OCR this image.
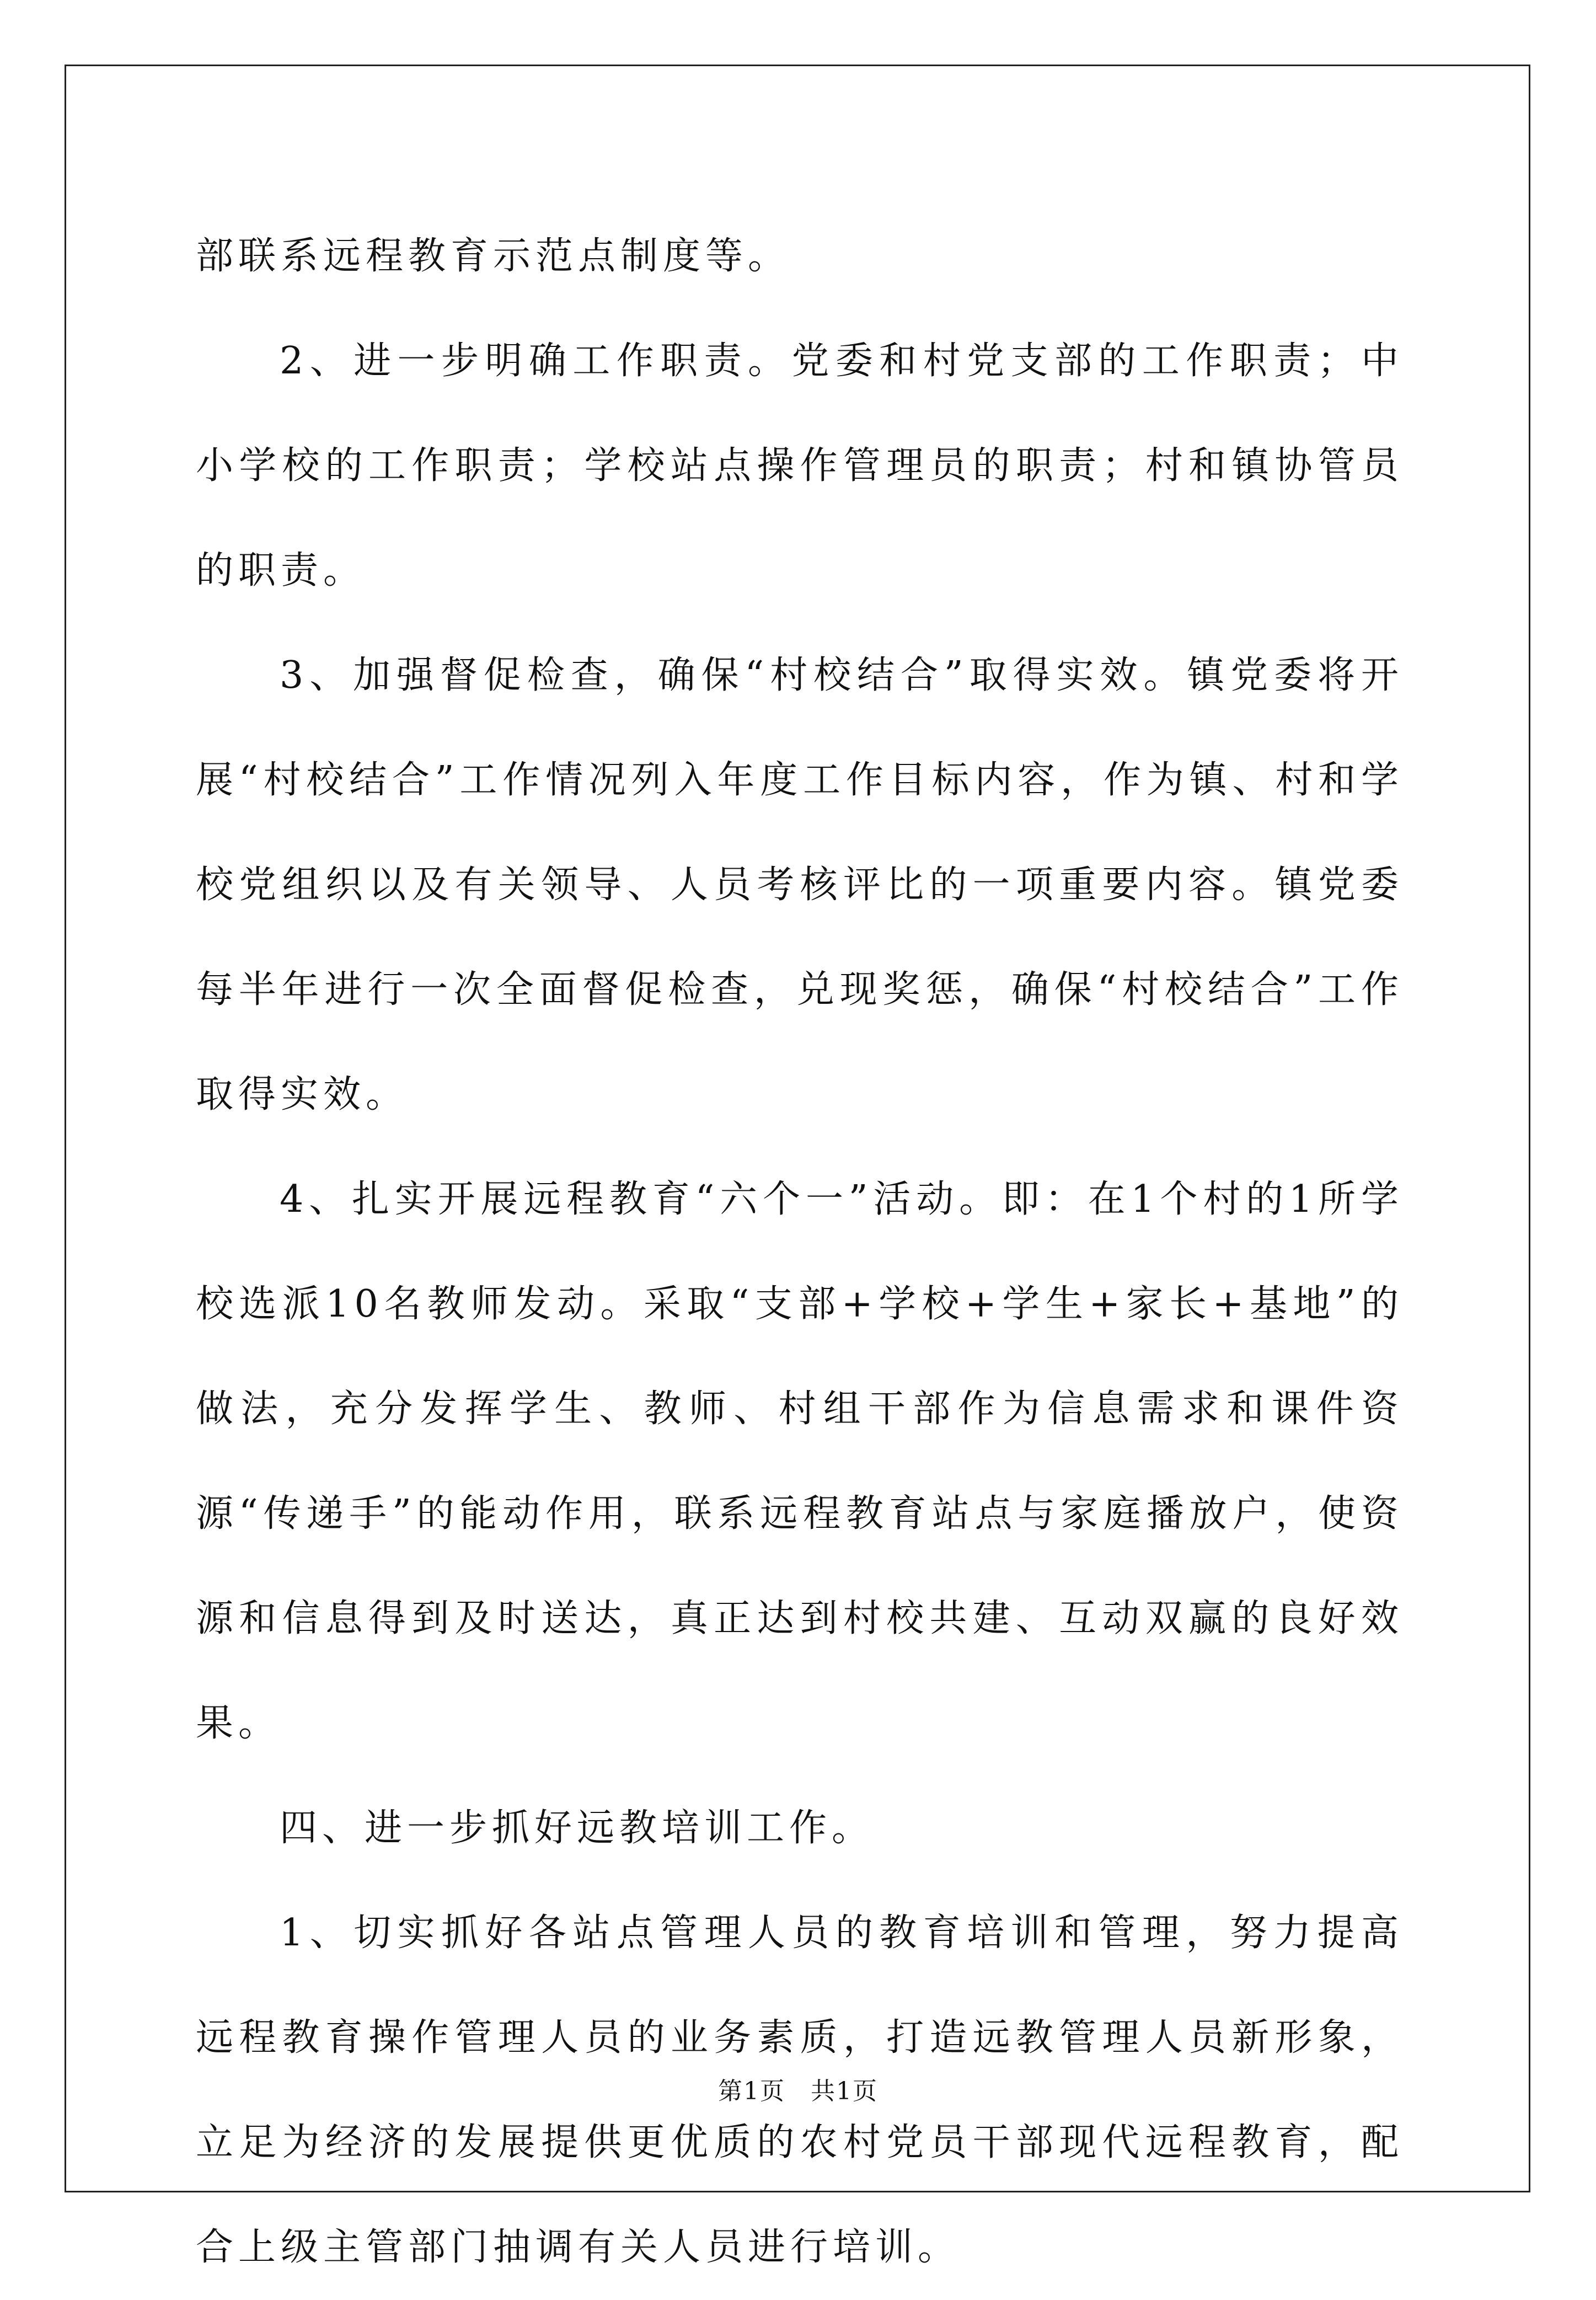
部联系远程教育示范点制度等。

2、进一步明确工作职责。党委和村党支部的工作职责；中小学校的工作职责；学校站点操作管理员的职责；村和镇协管员的职责。

3、加强督促检查，确保“村校结合”取得实效。镇党委将开展“村校结合”工作情况列入年度工作目标内容，作为镇、村和学校党组织以及有关领导、人员考核评比的一项重要内容。镇党委每半年进行一次全面督促检查，兑现奖惩，确保“村校结合”工作取得实效。

4、扎实开展远程教育“六个一”活动。即：在1个村的1所学校选派10名教师发动。采取“支部+学校+学生+家长+基地”的做法，充分发挥学生、教师、村组干部作为信息需求和课件资源“传递手”的能动作用，联系远程教育站点与家庭播放户，使资源和信息得到及时送达，真正达到村校共建、互动双赢的良好效果。

四、进一步抓好远教培训工作。

1、切实抓好各站点管理人员的教育培训和管理，努力提高远程教育操作管理人员的业务素质，打造远教管理人员新形象，立足为经济的发展提供更优质的农村党员干部现代远程教育，配合上级主管部门抽调有关人员进行培训。

第1页　共1页
